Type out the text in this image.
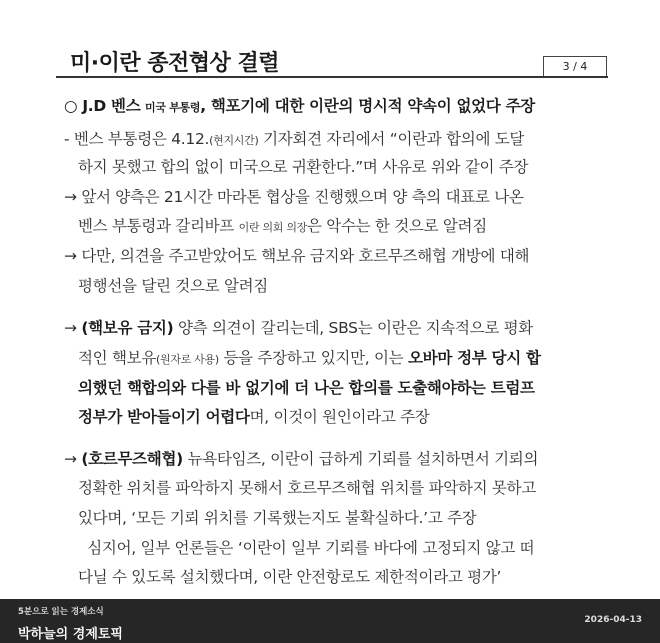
미·이란 종전협상 결렬	3 / 4
○ J.D 벤스 미국 부통령, 핵포기에 대한 이란의 명시적 약속이 없었다 주장
- 벤스 부통령은 4.12.(현지시간) 기자회견 자리에서 “이란과 합의에 도달
하지 못했고 합의 없이 미국으로 귀환한다.”며 사유로 위와 같이 주장
→ 앞서 양측은 21시간 마라톤 협상을 진행했으며 양 측의 대표로 나온
벤스 부통령과 갈리바프 이란 의회 의장은 악수는 한 것으로 알려짐
→ 다만, 의견을 주고받았어도 핵보유 금지와 호르무즈해협 개방에 대해
평행선을 달린 것으로 알려짐
→ (핵보유 금지) 양측 의견이 갈리는데, SBS는 이란은 지속적으로 평화
적인 핵보유(원자로 사용) 등을 주장하고 있지만, 이는 오바마 정부 당시 합
의했던 핵합의와 다를 바 없기에 더 나은 합의를 도출해야하는 트럼프
정부가 받아들이기 어렵다며, 이것이 원인이라고 주장
→ (호르무즈해협) 뉴욕타임즈, 이란이 급하게 기뢰를 설치하면서 기뢰의
정확한 위치를 파악하지 못해서 호르무즈해협 위치를 파악하지 못하고
있다며, ‘모든 기뢰 위치를 기록했는지도 불확실하다.’고 주장
심지어, 일부 언론들은 ‘이란이 일부 기뢰를 바다에 고정되지 않고 떠
다닐 수 있도록 설치했다며, 이란 안전항로도 제한적이라고 평가’
5분으로 읽는 경제소식
박하늘의 경제토픽
2026-04-13
